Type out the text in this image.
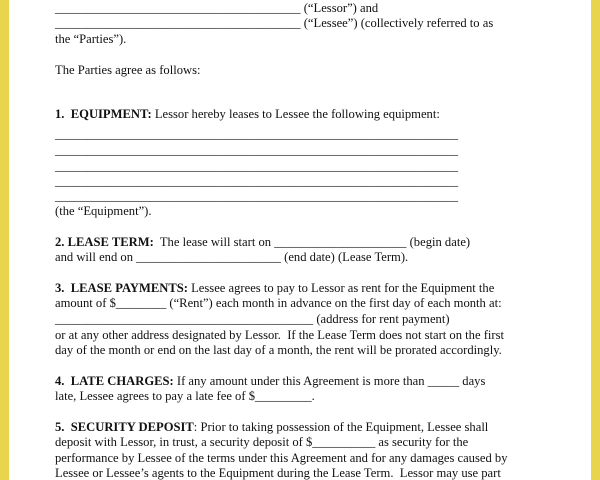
_______________________________________ (“Lessor”) and
_______________________________________ (“Lessee”) (collectively referred to as
the “Parties”).
The Parties agree as follows:
1.  EQUIPMENT: Lessor hereby leases to Lessee the following equipment:
________________________________________________________________
________________________________________________________________
________________________________________________________________
________________________________________________________________
________________________________________________________________
(the “Equipment”).
2. LEASE TERM:  The lease will start on _____________________ (begin date)
and will end on _______________________ (end date) (Lease Term).
3.  LEASE PAYMENTS: Lessee agrees to pay to Lessor as rent for the Equipment the
amount of $________ (“Rent”) each month in advance on the first day of each month at:
_________________________________________ (address for rent payment)
or at any other address designated by Lessor.  If the Lease Term does not start on the first
day of the month or end on the last day of a month, the rent will be prorated accordingly.
4.  LATE CHARGES: If any amount under this Agreement is more than _____ days
late, Lessee agrees to pay a late fee of $_________.
5.  SECURITY DEPOSIT: Prior to taking possession of the Equipment, Lessee shall
deposit with Lessor, in trust, a security deposit of $__________ as security for the
performance by Lessee of the terms under this Agreement and for any damages caused by
Lessee or Lessee’s agents to the Equipment during the Lease Term.  Lessor may use part
